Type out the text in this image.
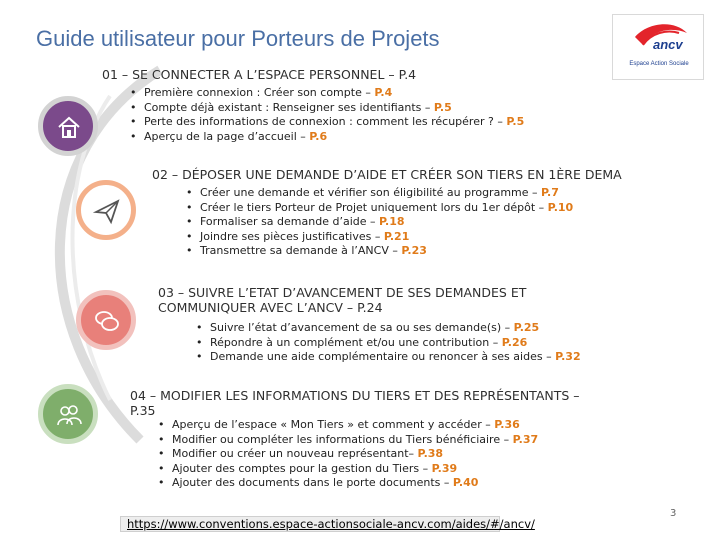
Guide utilisateur pour Porteurs de Projets	ancv
Espace Action Sociale
01 – SE CONNECTER A L’ESPACE PERSONNEL – P.4
• Première connexion : Créer son compte – P.4
• Compte déjà existant : Renseigner ses identifiants – P.5
• Perte des informations de connexion : comment les récupérer ? – P.5
• Aperçu de la page d’accueil – P.6
02 – DÉPOSER UNE DEMANDE D’AIDE ET CRÉER SON TIERS EN 1ÈRE DEMA
• Créer une demande et vérifier son éligibilité au programme – P.7
• Créer le tiers Porteur de Projet uniquement lors du 1er dépôt – P.10
• Formaliser sa demande d’aide – P.18
• Joindre ses pièces justificatives – P.21
• Transmettre sa demande à l’ANCV – P.23
03 – SUIVRE L’ETAT D’AVANCEMENT DE SES DEMANDES ET
COMMUNIQUER AVEC L’ANCV – P.24
• Suivre l’état d’avancement de sa ou ses demande(s) – P.25
• Répondre à un complément et/ou une contribution – P.26
• Demande une aide complémentaire ou renoncer à ses aides – P.32
04 – MODIFIER LES INFORMATIONS DU TIERS ET DES REPRÉSENTANTS –
P.35
• Aperçu de l’espace « Mon Tiers » et comment y accéder – P.36
• Modifier ou compléter les informations du Tiers bénéficiaire – P.37
• Modifier ou créer un nouveau représentant– P.38
• Ajouter des comptes pour la gestion du Tiers – P.39
• Ajouter des documents dans le porte documents – P.40
https://www.conventions.espace-actionsociale-ancv.com/aides/#/ancv/
3
